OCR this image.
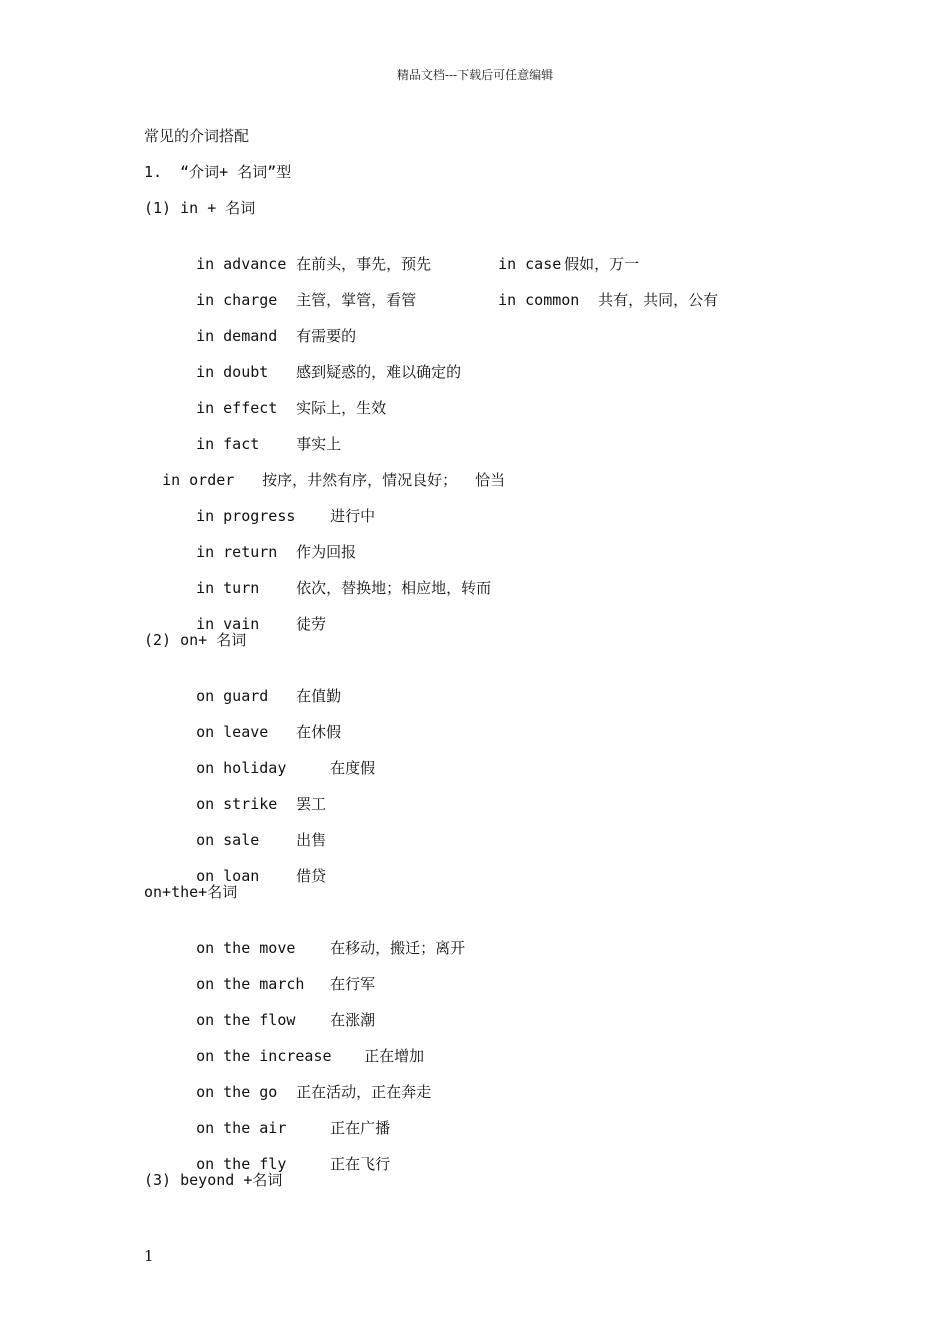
精品文档---下载后可任意编辑
常见的介词搭配
1.  “介词+ 名词”型
(1) in + 名词

in advance 在前头，事先，预先	in case 假如，万一

in charge 主管，掌管，看管	in common 共有，共同，公有

in demand 有需要的

in doubt 感到疑惑的，难以确定的

in effect 实际上，生效

in fact 事实上

in order 按序，井然有序，情况良好；  恰当

in progress 进行中

in return 作为回报

in turn 依次，替换地；相应地，转而

in vain 徒劳

(2) on+ 名词

on guard 在值勤

on leave 在休假

on holiday	在度假

on strike 罢工

on sale 出售

on loan 借贷

on+the+名词

on the move 在移动，搬迁；离开

on the march 在行军

on the flow 在涨潮

on the increase 正在增加

on the go 正在活动，正在奔走

on the air	正在广播

on the fly	正在飞行

(3) beyond +名词
1
